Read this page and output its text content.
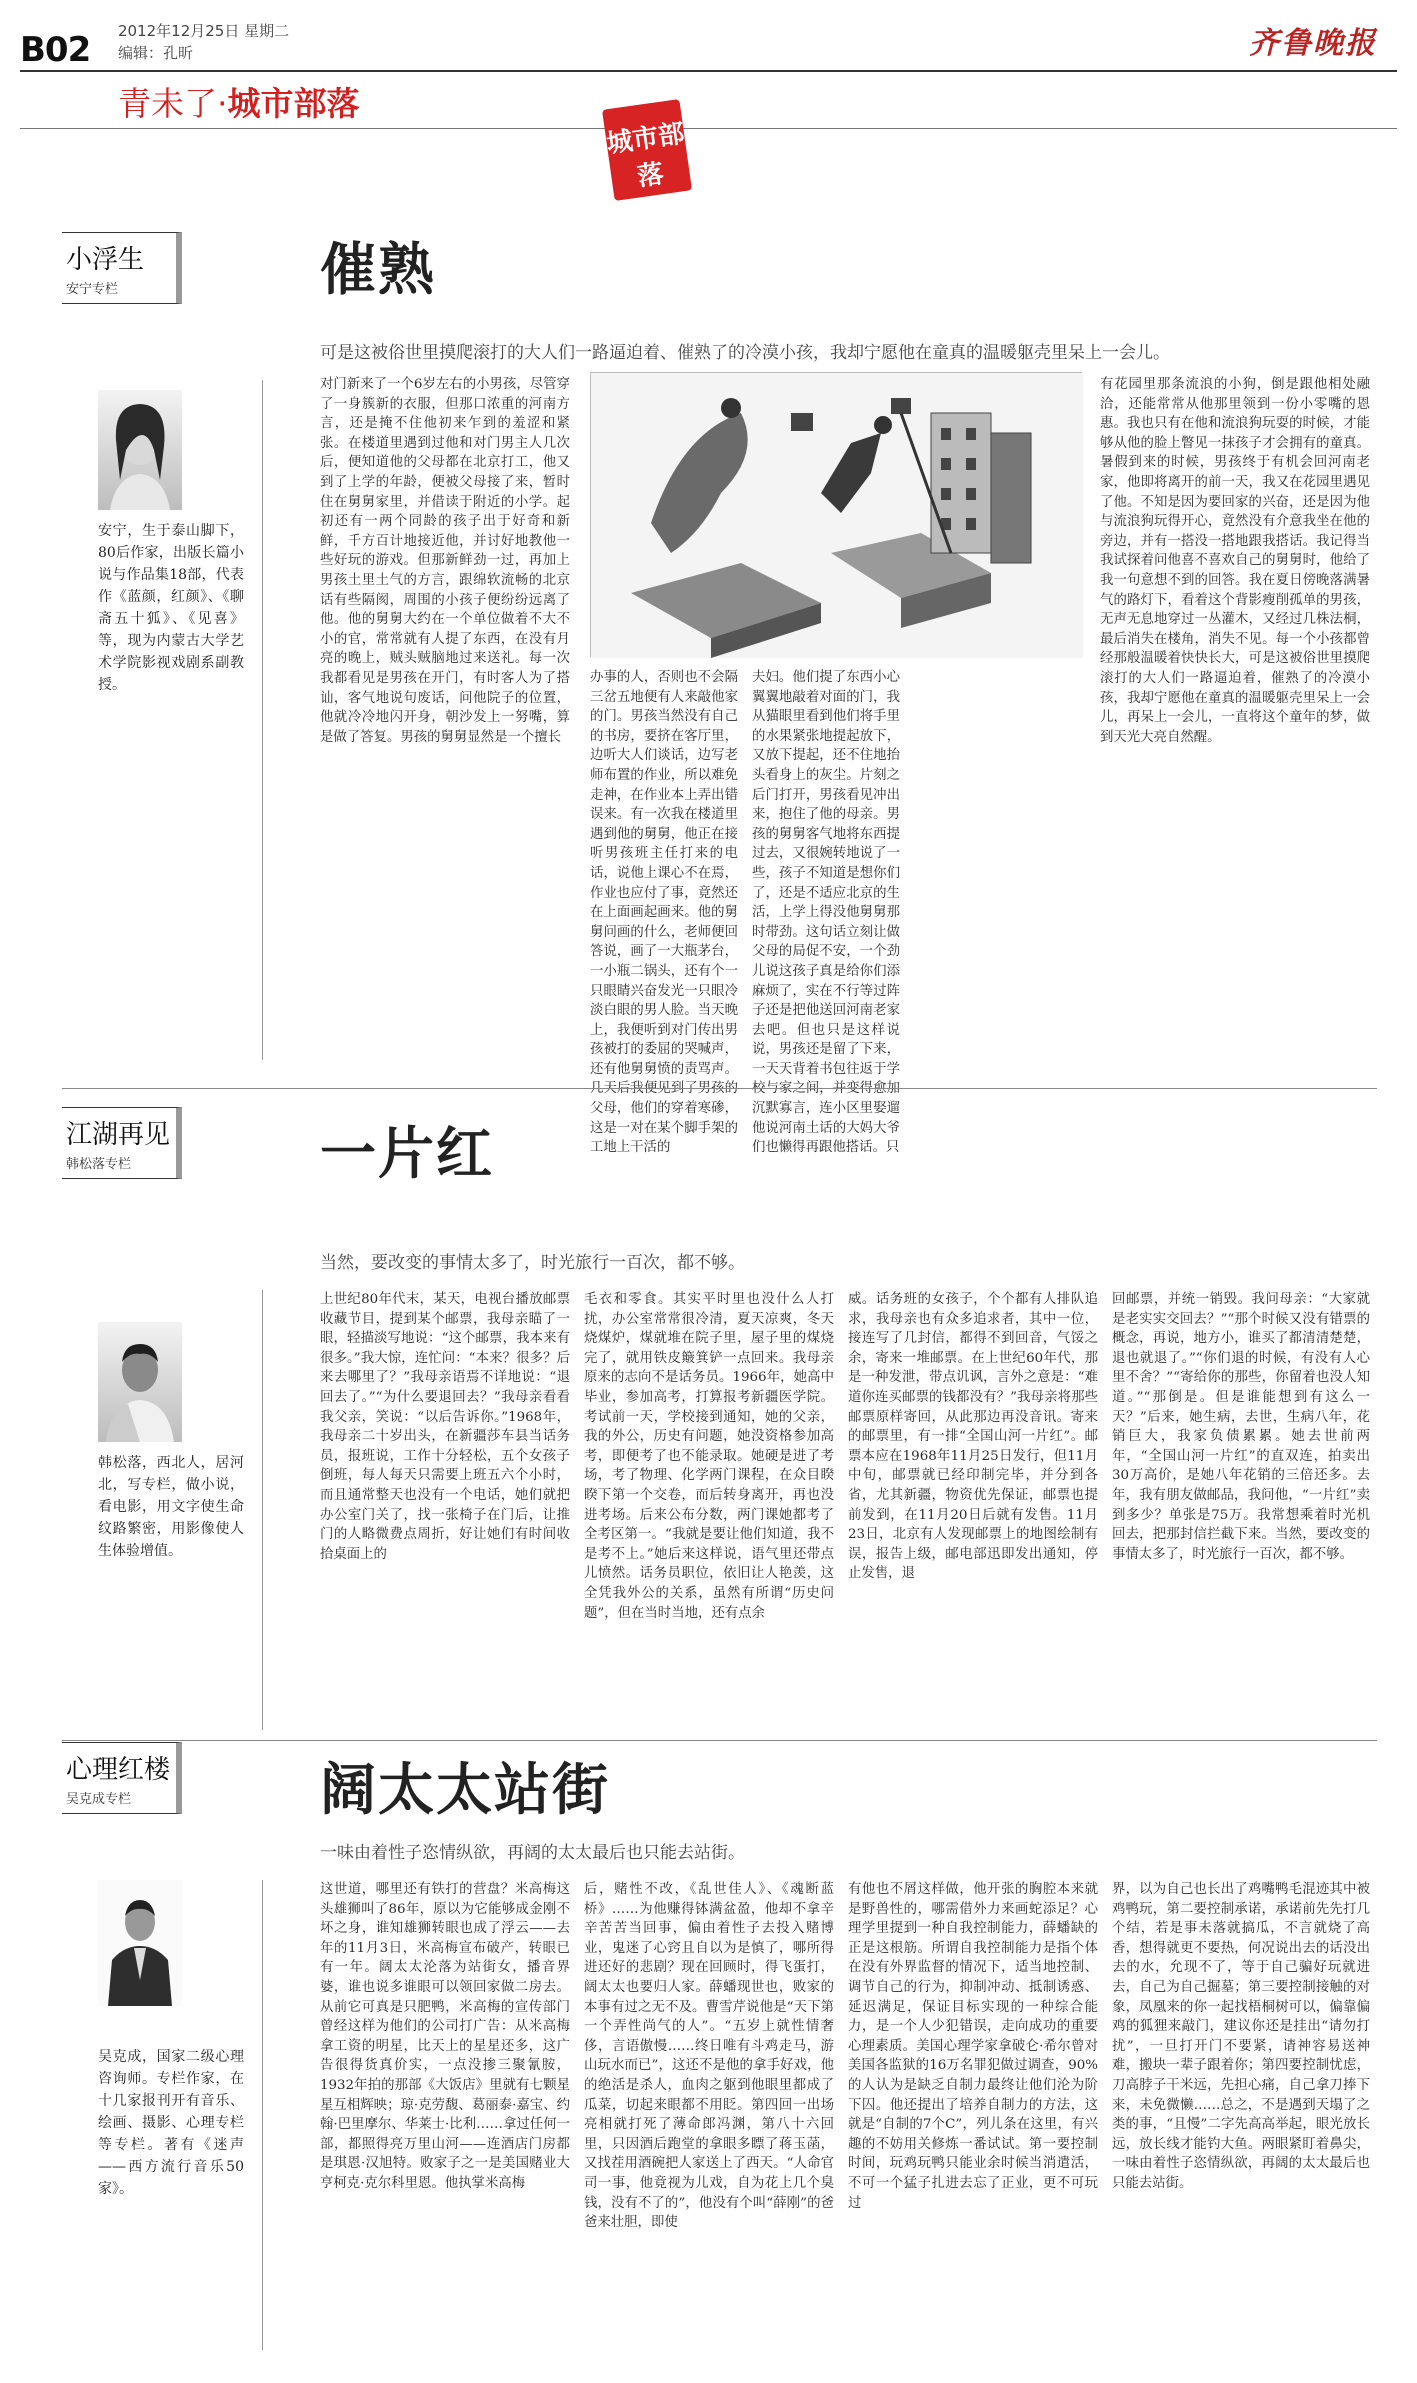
B02 2012年12月25日 星期二
编辑：孔昕	齐鲁晚报
青未了·城市部落
城市部落
chengshibuluo
小浮生
安宁专栏	催熟
可是这被俗世里摸爬滚打的大人们一路逼迫着、催熟了的冷漠小孩，我却宁愿他在童真的温暖躯壳里呆上一会儿。
安宁，生于泰山脚下，80后作家，出版长篇小说与作品集18部，代表作《蓝颜，红颜》、《聊斋五十狐》、《见喜》等，现为内蒙古大学艺术学院影视戏剧系副教授。
对门新来了一个6岁左右的小男孩，尽管穿了一身簇新的衣服，但那口浓重的河南方言，还是掩不住他初来乍到的羞涩和紧张。在楼道里遇到过他和对门男主人几次后，便知道他的父母都在北京打工，他又到了上学的年龄，便被父母接了来，暂时住在舅舅家里，并借读于附近的小学。起初还有一两个同龄的孩子出于好奇和新鲜，千方百计地接近他，并讨好地教他一些好玩的游戏。但那新鲜劲一过，再加上男孩土里土气的方言，跟绵软流畅的北京话有些隔阂，周围的小孩子便纷纷远离了他。他的舅舅大约在一个单位做着不大不小的官，常常就有人提了东西，在没有月亮的晚上，贼头贼脑地过来送礼。每一次我都看见是男孩在开门，有时客人为了搭讪，客气地说句废话，问他院子的位置，他就冷冷地闪开身，朝沙发上一努嘴，算是做了答复。男孩的舅舅显然是一个擅长
办事的人，否则也不会隔三岔五地便有人来敲他家的门。男孩当然没有自己的书房，要挤在客厅里，边听大人们谈话，边写老师布置的作业，所以难免走神，在作业本上弄出错误来。有一次我在楼道里遇到他的舅舅，他正在接听男孩班主任打来的电话，说他上课心不在焉，作业也应付了事，竟然还在上面画起画来。他的舅舅问画的什么，老师便回答说，画了一大瓶茅台，一小瓶二锅头，还有个一只眼睛兴奋发光一只眼冷淡白眼的男人脸。当天晚上，我便听到对门传出男孩被打的委屈的哭喊声，还有他舅舅愤的责骂声。 父母，他们的穿着寒碜，这是一对在某个脚手架的工地上干活的
夫妇。他们提了东西小心翼翼地敲着对面的门，我从猫眼里看到他们将手里的水果紧张地提起放下，又放下提起，还不住地抬头看身上的灰尘。片刻之后门打开，男孩看见冲出来，抱住了他的母亲。男孩的舅舅客气地将东西提过去，又很婉转地说了一些，孩子不知道是想你们了，还是不适应北京的生活，上学上得没他舅舅那时带劲。这句话立刻让做父母的局促不安，一个劲儿说这孩子真是给你们添麻烦了，实在不行等过阵子还是把他送回河南老家去吧。但也只是这样说说，男孩还是留了下来，一天天背着书包往返于学 沉默寡言，连小区里娶遛他说河南土话的大妈大爷们也懒得再跟他搭话。只
有花园里那条流浪的小狗，倒是跟他相处融洽，还能常常从他那里领到一份小零嘴的恩惠。我也只有在他和流浪狗玩耍的时候，才能够从他的脸上瞥见一抹孩子才会拥有的童真。暑假到来的时候，男孩终于有机会回河南老家，他即将离开的前一天，我又在花园里遇见了他。不知是因为要回家的兴奋，还是因为他与流浪狗玩得开心，竟然没有介意我坐在他的旁边，并有一搭没一搭地跟我搭话。我记得当我试探着问他喜不喜欢自己的舅舅时，他给了我一句意想不到的回答。我在夏日傍晚落满暑气的路灯下，看着这个背影瘦削孤单的男孩，无声无息地穿过一丛灌木，又经过几株法桐，最后消失在楼角，消失不见。每一个小孩都曾经那般温暖着快快长大，可是这被俗世里摸爬滚打的大人们一路逼迫着，催熟了的冷漠小孩，我却宁愿他在童真的温暖躯壳里呆上一会儿，再呆上一会儿，一直将这个童年的梦，做到天光大亮自然醒。
江湖再见
韩松落专栏	一片红
当然，要改变的事情太多了，时光旅行一百次，都不够。
韩松落，西北人，居河北，写专栏，做小说，看电影，用文字使生命纹路繁密，用影像使人生体验增值。
上世纪80年代末，某天，电视台播放邮票收藏节目，提到某个邮票，我母亲瞄了一眼，轻描淡写地说：“这个邮票，我本来有很多。”我大惊，连忙问：“本来？很多？后来去哪里了？”我母亲语焉不详地说：“退回去了。”“为什么要退回去？”我母亲看看我父亲，笑说：“以后告诉你。”1968年，我母亲二十岁出头，在新疆莎车县当话务员，报班说，工作十分轻松，五个女孩子倒班，每人每天只需要上班五六个小时，而且通常整天也没有一个电话，她们就把办公室门关了，找一张椅子在门后，让推门的人略微费点周折，好让她们有时间收拾桌面上的
毛衣和零食。其实平时里也没什么人打扰，办公室常常很冷清，夏天凉爽，冬天烧煤炉，煤就堆在院子里，屋子里的煤烧完了，就用铁皮簸箕铲一点回来。我母亲原来的志向不是话务员。1966年，她高中毕业，参加高考，打算报考新疆医学院。考试前一天，学校接到通知，她的父亲，我的外公，历史有问题，她没资格参加高考，即便考了也不能录取。她硬是进了考场，考了物理、化学两门课程，在众目睽睽下第一个交卷，而后转身离开，再也没进考场。后来公布分数，两门课她都考了全考区第一。“我就是要让他们知道，我不是考不上。”她后来这样说，语气里还带点儿愤然。话务员职位，依旧让人艳羡，这全凭我外公的关系，虽然有所谓“历史问题”，但在当时当地，还有点余
威。话务班的女孩子，个个都有人排队追求，我母亲也有众多追求者，其中一位，接连写了几封信，都得不到回音，气馁之余，寄来一堆邮票。在上世纪60年代，那是一种发泄，带点讥讽，言外之意是：“难道你连买邮票的钱都没有？”我母亲将那些邮票原样寄回，从此那边再没音讯。寄来的邮票里，有一排“全国山河一片红”。邮票本应在1968年11月25日发行，但11月中旬，邮票就已经印制完毕，并分到各省，尤其新疆，物资优先保证，邮票也提前发到，在11月20日后就有发售。11月23日，北京有人发现邮票上的地图绘制有误，报告上级，邮电部迅即发出通知，停止发售，退
回邮票，并统一销毁。我问母亲：“大家就是老实实交回去？”“那个时候又没有错票的概念，再说，地方小，谁买了都清清楚楚，退也就退了。”“你们退的时候，有没有人心里不舍？”“寄给你的那些，你留着也没人知道。”“那倒是。但是谁能想到有这么一天？”后来，她生病，去世，生病八年，花销巨大，我家负债累累。她去世前两年，“全国山河一片红”的直双连，拍卖出30万高价，是她八年花销的三倍还多。去年，我有朋友做邮品，我问他，“一片红”卖到多少？单张是75万。我常想乘着时光机回去，把那封信拦截下来。当然，要改变的事情太多了，时光旅行一百次，都不够。
心理红楼
吴克成专栏	阔太太站街
一味由着性子恣情纵欲，再阔的太太最后也只能去站街。
吴克成，国家二级心理咨询师。专栏作家，在十几家报刊开有音乐、绘画、摄影、心理专栏等专栏。著有《迷声——西方流行音乐50家》。
这世道，哪里还有铁打的营盘？米高梅这头雄狮叫了86年，原以为它能够成金刚不坏之身，谁知雄狮转眼也成了浮云——去年的11月3日，米高梅宣布破产，转眼已有一年。阔太太沦落为站街女，播音界婆，谁也说多谁眼可以领回家做二房去。从前它可真是只肥鸭，米高梅的宣传部门曾经这样为他们的公司打广告：从米高梅拿工资的明星，比天上的星星还多，这广告很得货真价实，一点没掺三聚氰胺，1932年拍的那部《大饭店》里就有七颗星星互相辉映；琼·克劳馥、葛丽泰·嘉宝、约翰·巴里摩尔、华莱士·比利……拿过任何一部，都照得亮万里山河——连酒店门房都是琪恩·汉旭特。败家子之一是美国赌业大亨柯克·克尔科里恩。他执掌米高梅
后，赌性不改，《乱世佳人》、《魂断蓝桥》……为他赚得钵满盆盈，他却不拿辛辛苦苦当回事，偏由着性子去投入赌博业，鬼迷了心窍且自以为是慎了，哪所得进还好的悲剧？现在回顾时，得飞蛋打，阔太太也要归人家。薛蟠现世也，败家的本事有过之无不及。曹雪芹说他是“天下第一个弄性尚气的人”。“五岁上就性情奢侈，言语傲慢……终日唯有斗鸡走马，游山玩水而已”，这还不是他的拿手好戏，他的绝活是杀人，血肉之躯到他眼里都成了瓜菜，切起来眼都不用眨。第四回一出场亮相就打死了薄命郎冯渊，第八十六回里，只因酒后跑堂的拿眼多瞟了蒋玉菡，又找茬用酒碗把人家送上了西天。“人命官司一事，他竟视为儿戏，自为花上几个臭钱，没有不了的”，他没有个叫“薛刚”的爸爸来壮胆，即使
有他也不屑这样做，他开张的胸腔本来就是野兽性的，哪需借外力来画蛇添足？心理学里提到一种自我控制能力，薛蟠缺的正是这根筋。所谓自我控制能力是指个体在没有外界监督的情况下，适当地控制、调节自己的行为，抑制冲动、抵制诱惑、延迟满足，保证目标实现的一种综合能力，是一个人少犯错误，走向成功的重要心理素质。美国心理学家拿破仑·希尔曾对美国各监狱的16万名罪犯做过调查，90%的人认为是缺乏自制力最终让他们沦为阶下囚。他还提出了培养自制力的方法，这就是“自制的7个C”，列儿条在这里，有兴趣的不妨用关修炼一番试试。第一要控制时间，玩鸡玩鸭只能业余时候当消遣活，不可一个猛子扎进去忘了正业，更不可玩过
界，以为自己也长出了鸡嘴鸭毛混迹其中被鸡鸭玩，第二要控制承诺，承诺前先先打几个结，若是事未落就搞瓜，不言就烧了高香，想得就更不要热，何况说出去的话没出去的水，允现不了，等于自己骗好玩就进去，自己为自己掘墓；第三要控制接触的对象，凤凰来的你一起找梧桐树可以，偏靠偏鸡的狐狸来敲门，建议你还是挂出“请勿打扰”，一旦打开门不要紧，请神容易送神难，搬块一辈子跟着你；第四要控制忧虑，刀高脖子干米远，先担心痛，自己拿刀捧下来，未免微懒……总之，不是遇到天塌了之类的事，“且慢”二字先高高举起，眼光放长远，放长线才能钓大鱼。两眼紧盯着鼻尖，一味由着性子恣情纵欲，再阔的太太最后也只能去站街。
